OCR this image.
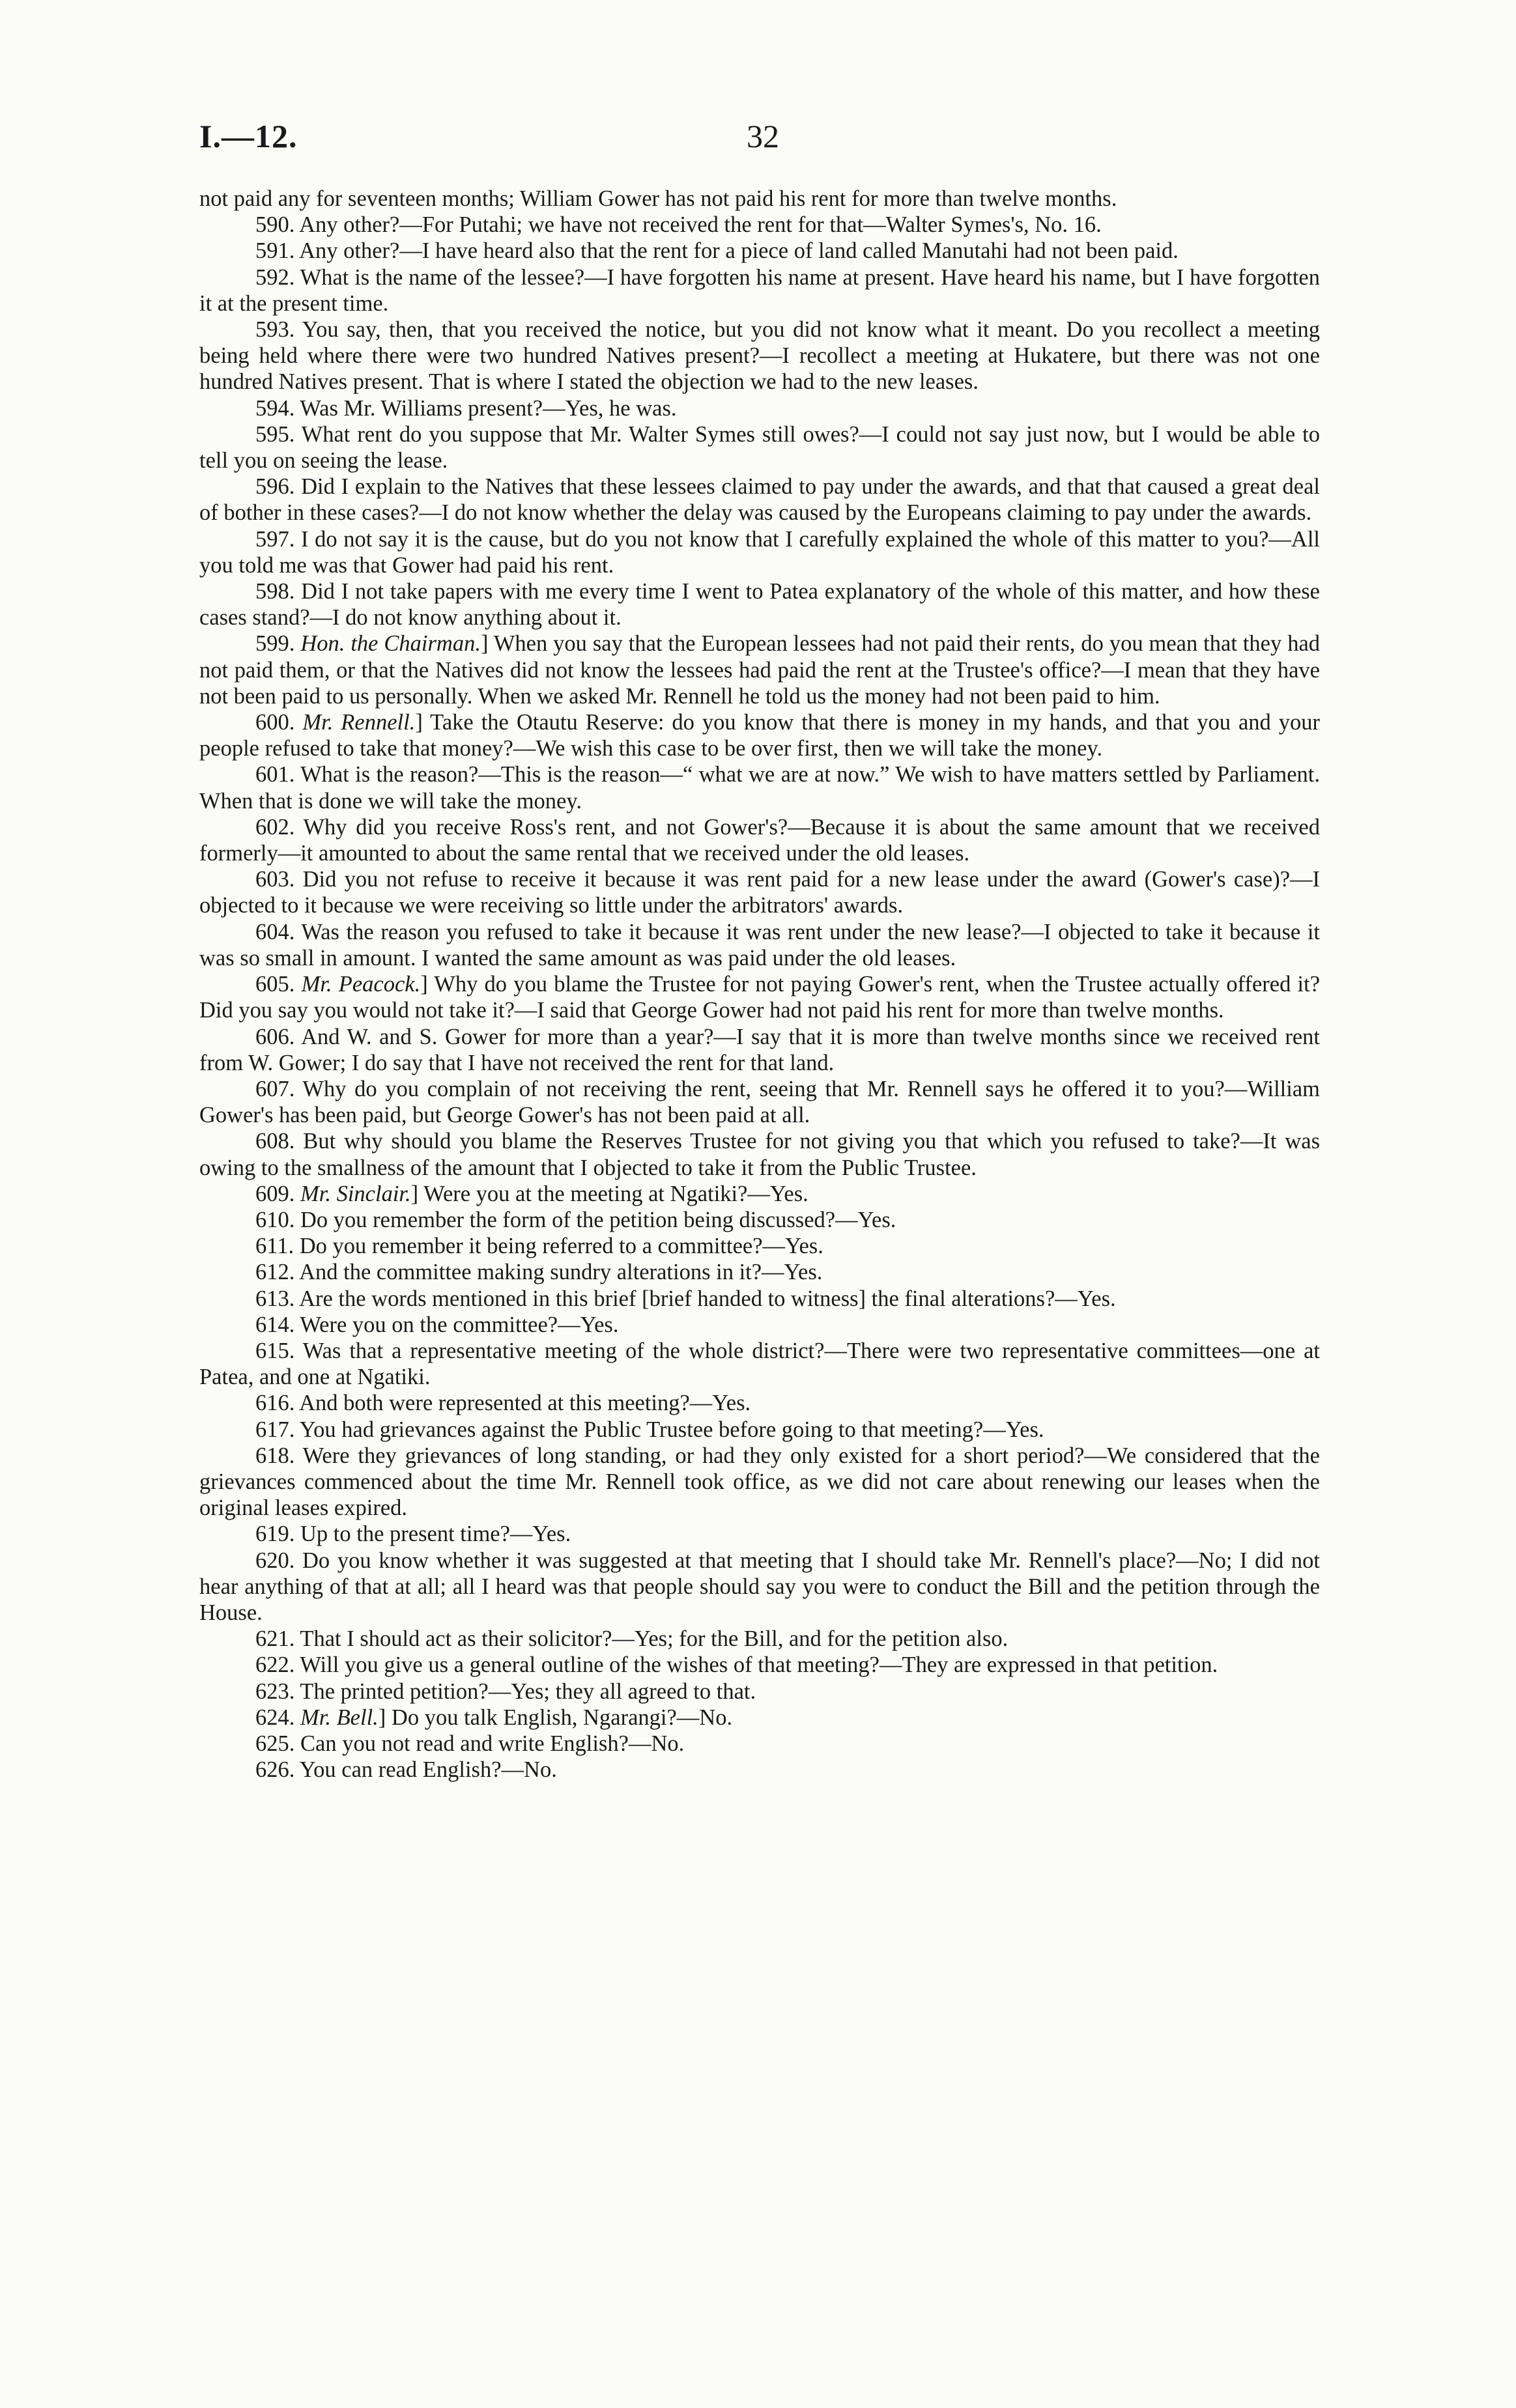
I.—12.	32

not paid any for seventeen months; William Gower has not paid his rent for more than twelve months.

590. Any other?—For Putahi; we have not received the rent for that—Walter Symes's, No. 16.

591. Any other?—I have heard also that the rent for a piece of land called Manutahi had not been paid.

592. What is the name of the lessee?—I have forgotten his name at present. Have heard his name, but I have forgotten it at the present time.

593. You say, then, that you received the notice, but you did not know what it meant. Do you recollect a meeting being held where there were two hundred Natives present?—I recollect a meeting at Hukatere, but there was not one hundred Natives present. That is where I stated the objection we had to the new leases.

594. Was Mr. Williams present?—Yes, he was.

595. What rent do you suppose that Mr. Walter Symes still owes?—I could not say just now, but I would be able to tell you on seeing the lease.

596. Did I explain to the Natives that these lessees claimed to pay under the awards, and that that caused a great deal of bother in these cases?—I do not know whether the delay was caused by the Europeans claiming to pay under the awards.

597. I do not say it is the cause, but do you not know that I carefully explained the whole of this matter to you?—All you told me was that Gower had paid his rent.

598. Did I not take papers with me every time I went to Patea explanatory of the whole of this matter, and how these cases stand?—I do not know anything about it.

599. Hon. the Chairman.] When you say that the European lessees had not paid their rents, do you mean that they had not paid them, or that the Natives did not know the lessees had paid the rent at the Trustee's office?—I mean that they have not been paid to us personally. When we asked Mr. Rennell he told us the money had not been paid to him.

600. Mr. Rennell.] Take the Otautu Reserve: do you know that there is money in my hands, and that you and your people refused to take that money?—We wish this case to be over first, then we will take the money.

601. What is the reason?—This is the reason—“ what we are at now.” We wish to have matters settled by Parliament. When that is done we will take the money.

602. Why did you receive Ross's rent, and not Gower's?—Because it is about the same amount that we received formerly—it amounted to about the same rental that we received under the old leases.

603. Did you not refuse to receive it because it was rent paid for a new lease under the award (Gower's case)?—I objected to it because we were receiving so little under the arbitrators' awards.

604. Was the reason you refused to take it because it was rent under the new lease?—I objected to take it because it was so small in amount. I wanted the same amount as was paid under the old leases.

605. Mr. Peacock.] Why do you blame the Trustee for not paying Gower's rent, when the Trustee actually offered it? Did you say you would not take it?—I said that George Gower had not paid his rent for more than twelve months.

606. And W. and S. Gower for more than a year?—I say that it is more than twelve months since we received rent from W. Gower; I do say that I have not received the rent for that land.

607. Why do you complain of not receiving the rent, seeing that Mr. Rennell says he offered it to you?—William Gower's has been paid, but George Gower's has not been paid at all.

608. But why should you blame the Reserves Trustee for not giving you that which you refused to take?—It was owing to the smallness of the amount that I objected to take it from the Public Trustee.

609. Mr. Sinclair.] Were you at the meeting at Ngatiki?—Yes.

610. Do you remember the form of the petition being discussed?—Yes.

611. Do you remember it being referred to a committee?—Yes.

612. And the committee making sundry alterations in it?—Yes.

613. Are the words mentioned in this brief [brief handed to witness] the final alterations?—Yes.

614. Were you on the committee?—Yes.

615. Was that a representative meeting of the whole district?—There were two representative committees—one at Patea, and one at Ngatiki.

616. And both were represented at this meeting?—Yes.

617. You had grievances against the Public Trustee before going to that meeting?—Yes.

618. Were they grievances of long standing, or had they only existed for a short period?—We considered that the grievances commenced about the time Mr. Rennell took office, as we did not care about renewing our leases when the original leases expired.

619. Up to the present time?—Yes.

620. Do you know whether it was suggested at that meeting that I should take Mr. Rennell's place?—No; I did not hear anything of that at all; all I heard was that people should say you were to conduct the Bill and the petition through the House.

621. That I should act as their solicitor?—Yes; for the Bill, and for the petition also.

622. Will you give us a general outline of the wishes of that meeting?—They are expressed in that petition.

623. The printed petition?—Yes; they all agreed to that.

624. Mr. Bell.] Do you talk English, Ngarangi?—No.

625. Can you not read and write English?—No.

626. You can read English?—No.
